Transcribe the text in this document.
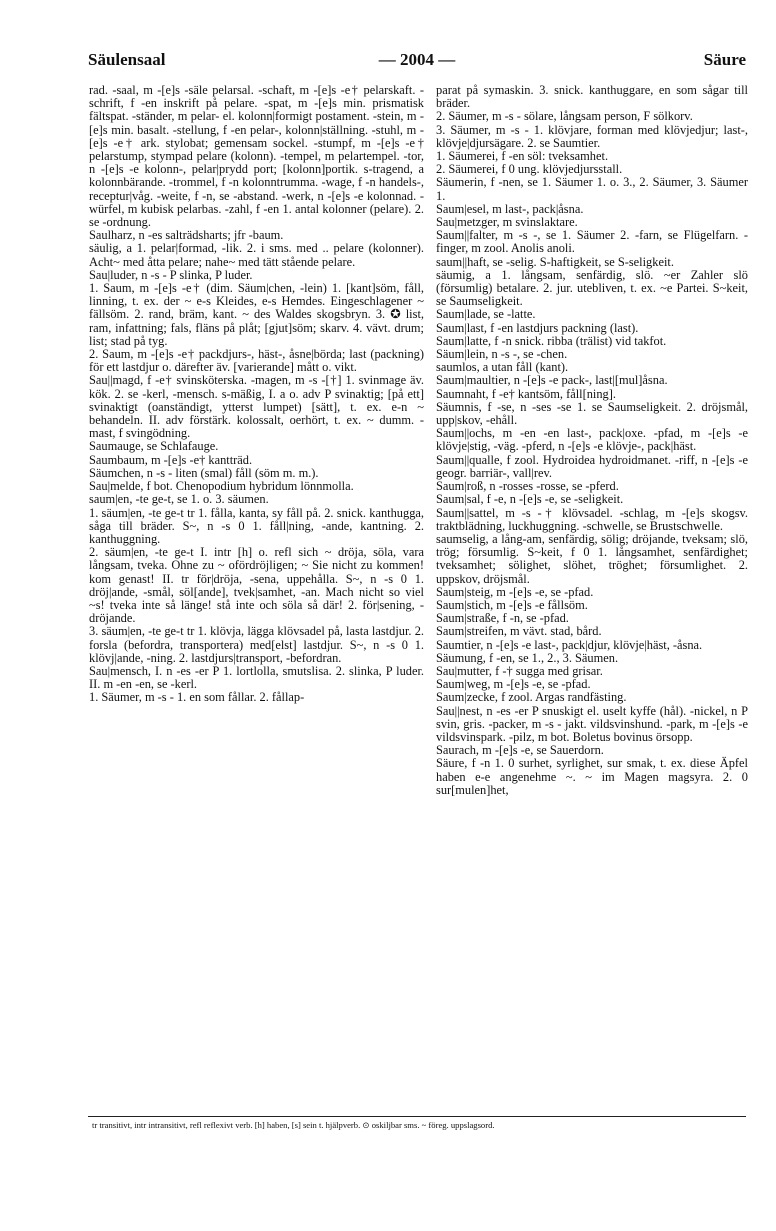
Säulensaal	— 2004 —	Säure

rad. -saal, m -[e]s -säle pelarsal. -schaft, m -[e]s -e† pelarskaft. -schrift, f -en inskrift på pelare. -spat, m -[e]s min. prismatisk fältspat. -ständer, m pelar- el. kolonn|formigt postament. -stein, m -[e]s min. basalt. -stellung, f -en pelar-, kolonn|ställning. -stuhl, m -[e]s -e† ark. stylobat; gemensam sockel. -stumpf, m -[e]s -e† pelarstump, stympad pelare (kolonn). -tempel, m pelartempel. -tor, n -[e]s -e kolonn-, pelar|prydd port; [kolonn]portik. s-tragend, a kolonnbärande. -trommel, f -n kolonntrumma. -wage, f -n handels-, receptur|våg. -weite, f -n, se -abstand. -werk, n -[e]s -e kolonnad. -würfel, m kubisk pelarbas. -zahl, f -en 1. antal kolonner (pelare). 2. se -ordnung.

Saulharz, n -es salträdsharts; jfr -baum.

säulig, a 1. pelar|formad, -lik. 2. i sms. med .. pelare (kolonner). Acht~ med åtta pelare; nahe~ med tätt stående pelare.

Sau|luder, n -s - P slinka, P luder.

1. Saum, m -[e]s -e† (dim. Säum|chen, -lein) 1. [kant]söm, fåll, linning, t. ex. der ~ e-s Kleides, e-s Hemdes. Eingeschlagener ~ fällsöm. 2. rand, bräm, kant. ~ des Waldes skogsbryn. 3. ✪ list, ram, infattning; fals, fläns på plåt; [gjut]söm; skarv. 4. vävt. drum; list; stad på tyg.

2. Saum, m -[e]s -e† packdjurs-, häst-, åsne|börda; last (packning) för ett lastdjur o. därefter äv. [varierande] mått o. vikt.

Sau||magd, f -e† svinsköterska. -magen, m -s -[†] 1. svinmage äv. kök. 2. se -kerl, -mensch. s-mäßig, I. a o. adv P svinaktig; [på ett] svinaktigt (oanständigt, ytterst lumpet) [sätt], t. ex. e-n ~ behandeln. II. adv förstärk. kolossalt, oerhört, t. ex. ~ dumm. -mast, f svingödning.

Saumauge, se Schlafauge.

Saumbaum, m -[e]s -e† kantträd.

Säumchen, n -s - liten (smal) fåll (söm m. m.).

Sau|melde, f bot. Chenopodium hybridum lönnmolla.

saum|en, -te ge-t, se 1. o. 3. säumen.

1. säum|en, -te ge-t tr 1. fålla, kanta, sy fåll på. 2. snick. kanthugga, såga till bräder. S~, n -s 0 1. fåll|ning, -ande, kantning. 2. kanthuggning.

2. säum|en, -te ge-t I. intr [h] o. refl sich ~ dröja, söla, vara långsam, tveka. Ohne zu ~ ofördröjligen; ~ Sie nicht zu kommen! kom genast! II. tr för|dröja, -sena, uppehålla. S~, n -s 0 1. dröj|ande, -smål, söl[ande], tvek|samhet, -an. Mach nicht so viel ~s! tveka inte så länge! stå inte och söla så där! 2. för|sening, -dröjande.

3. säum|en, -te ge-t tr 1. klövja, lägga klövsadel på, lasta lastdjur. 2. forsla (befordra, transportera) med[elst] lastdjur. S~, n -s 0 1. klövj|ande, -ning. 2. lastdjurs|transport, -befordran.

Sau|mensch, I. n -es -er P 1. lortlolla, smutslisa. 2. slinka, P luder. II. m -en -en, se -kerl.

1. Säumer, m -s - 1. en som fållar. 2. fållap-

parat på symaskin. 3. snick. kanthuggare, en som sågar till bräder.

2. Säumer, m -s - sölare, långsam person, F sölkorv.

3. Säumer, m -s - 1. klövjare, forman med klövjedjur; last-, klövje|djursägare. 2. se Saumtier.

1. Säumerei, f -en söl: tveksamhet.

2. Säumerei, f 0 ung. klövjedjursstall.

Säumerin, f -nen, se 1. Säumer 1. o. 3., 2. Säumer, 3. Säumer 1.

Saum|esel, m last-, pack|åsna.

Sau|metzger, m svinslaktare.

Saum||falter, m -s -, se 1. Säumer 2. -farn, se Flügelfarn. -finger, m zool. Anolis anoli.

saum||haft, se -selig. S-haftigkeit, se S-seligkeit.

säumig, a 1. långsam, senfärdig, slö. ~er Zahler slö (försumlig) betalare. 2. jur. utebliven, t. ex. ~e Partei. S~keit, se Saumseligkeit.

Saum|lade, se -latte.

Saum|last, f -en lastdjurs packning (last).

Saum|latte, f -n snick. ribba (trälist) vid takfot.

Säum|lein, n -s -, se -chen.

saumlos, a utan fåll (kant).

Saum|maultier, n -[e]s -e pack-, last|[mul]åsna.

Saumnaht, f -e† kantsöm, fåll[ning].

Säumnis, f -se, n -ses -se 1. se Saumseligkeit. 2. dröjsmål, upp|skov, -ehåll.

Saum||ochs, m -en -en last-, pack|oxe. -pfad, m -[e]s -e klövje|stig, -väg. -pferd, n -[e]s -e klövje-, pack|häst.

Saum||qualle, f zool. Hydroidea hydroidmanet. -riff, n -[e]s -e geogr. barriär-, vall|rev.

Saum|roß, n -rosses -rosse, se -pferd.

Saum|sal, f -e, n -[e]s -e, se -seligkeit.

Saum||sattel, m -s -† klövsadel. -schlag, m -[e]s skogsv. traktblädning, luckhuggning. -schwelle, se Brustschwelle.

saumselig, a lång-am, senfärdig, sölig; dröjande, tveksam; slö, trög; försumlig. S~keit, f 0 1. långsamhet, senfärdighet; tveksamhet; sölighet, slöhet, tröghet; försumlighet. 2. uppskov, dröjsmål.

Saum|steig, m -[e]s -e, se -pfad.

Saum|stich, m -[e]s -e fållsöm.

Saum|straße, f -n, se -pfad.

Saum|streifen, m vävt. stad, bård.

Saumtier, n -[e]s -e last-, pack|djur, klövje|häst, -åsna.

Säumung, f -en, se 1., 2., 3. Säumen.

Sau|mutter, f -† sugga med grisar.

Saum|weg, m -[e]s -e, se -pfad.

Saum|zecke, f zool. Argas randfästing.

Sau||nest, n -es -er P snuskigt el. uselt kyffe (hål). -nickel, n P svin, gris. -packer, m -s - jakt. vildsvinshund. -park, m -[e]s -e vildsvinspark. -pilz, m bot. Boletus bovinus örsopp.

Saurach, m -[e]s -e, se Sauerdorn.

Säure, f -n 1. 0 surhet, syrlighet, sur smak, t. ex. diese Äpfel haben e-e angenehme ~. ~ im Magen magsyra. 2. 0 sur[mulen]het,

tr transitivt, intr intransitivt, refl reflexivt verb. [h] haben, [s] sein t. hjälpverb. ⊙ oskiljbar sms. ~ föreg. uppslagsord.
